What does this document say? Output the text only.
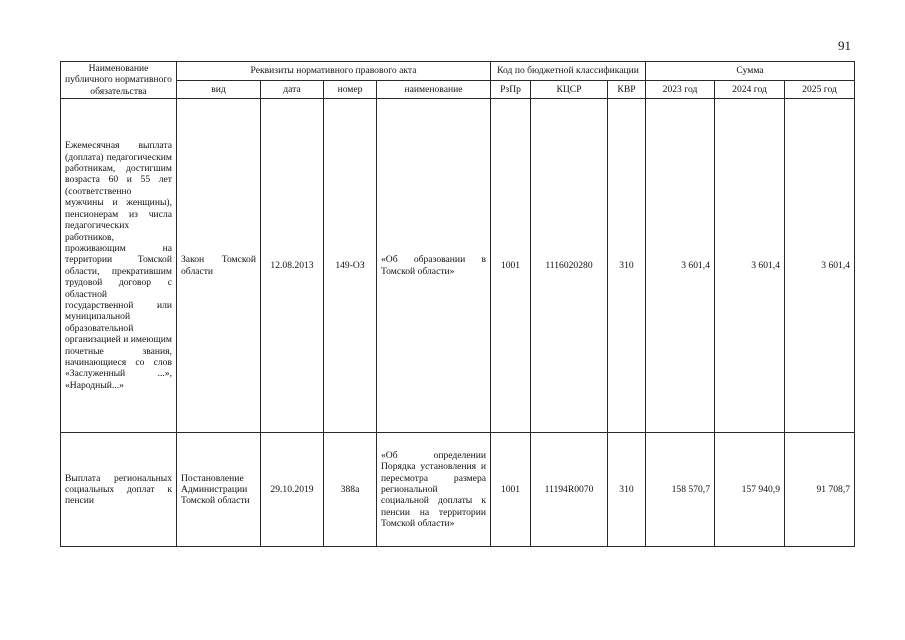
91
Наименование публичного нормативного обязательства	Реквизиты нормативного правового акта				Код по бюджетной классификации			Сумма		
	вид	дата	номер	наименование	РзПр	КЦСР	КВР	2023 год	2024 год	2025 год
Ежемесячная выплата (доплата) педагогическим работникам, достигшим возраста 60 и 55 лет (соответственно мужчины и женщины), пенсионерам из числа педагогических работников, проживающим на территории Томской области, прекратившим трудовой договор с областной государственной или муниципальной образовательной организацией и имеющим почетные звания, начинающиеся со слов «Заслуженный ...», «Народный...»	Закон Томской области	12.08.2013	149-ОЗ	«Об образовании в Томской области»	1001	1116020280	310	3 601,4	3 601,4	3 601,4
Выплата региональных социальных доплат к пенсии	Постановление Администрации Томской области	29.10.2019	388а	«Об определении Порядка установления и пересмотра размера региональной социальной доплаты к пенсии на территории Томской области»	1001	11194R0070	310	158 570,7	157 940,9	91 708,7
